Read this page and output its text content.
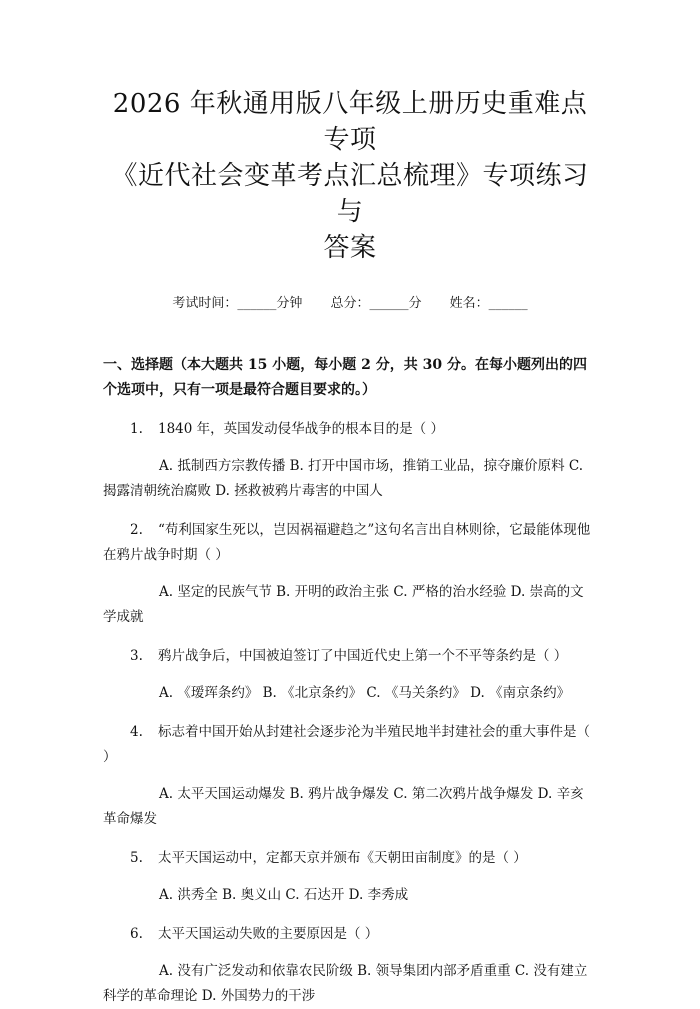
2026 年秋通用版八年级上册历史重难点专项
《近代社会变革考点汇总梳理》专项练习与
答案
考试时间：______分钟 总分：______分 姓名：______
一、选择题（本大题共 15 小题，每小题 2 分，共 30 分。在每小题列出的四个选项中，只有一项是最符合题目要求的。）
1. 1840 年，英国发动侵华战争的根本目的是（ ）
A. 抵制西方宗教传播 B. 打开中国市场，推销工业品，掠夺廉价原料 C. 揭露清朝统治腐败 D. 拯救被鸦片毒害的中国人
2. “苟利国家生死以，岂因祸福避趋之”这句名言出自林则徐，它最能体现他在鸦片战争时期（ ）
A. 坚定的民族气节 B. 开明的政治主张 C. 严格的治水经验 D. 崇高的文学成就
3. 鸦片战争后，中国被迫签订了中国近代史上第一个不平等条约是（ ）
A. 《瑷珲条约》 B. 《北京条约》 C. 《马关条约》 D. 《南京条约》
4. 标志着中国开始从封建社会逐步沦为半殖民地半封建社会的重大事件是（ ）
A. 太平天国运动爆发 B. 鸦片战争爆发 C. 第二次鸦片战争爆发 D. 辛亥革命爆发
5. 太平天国运动中，定都天京并颁布《天朝田亩制度》的是（ ）
A. 洪秀全 B. 奥义山 C. 石达开 D. 李秀成
6. 太平天国运动失败的主要原因是（ ）
A. 没有广泛发动和依靠农民阶级 B. 领导集团内部矛盾重重 C. 没有建立科学的革命理论 D. 外国势力的干涉
